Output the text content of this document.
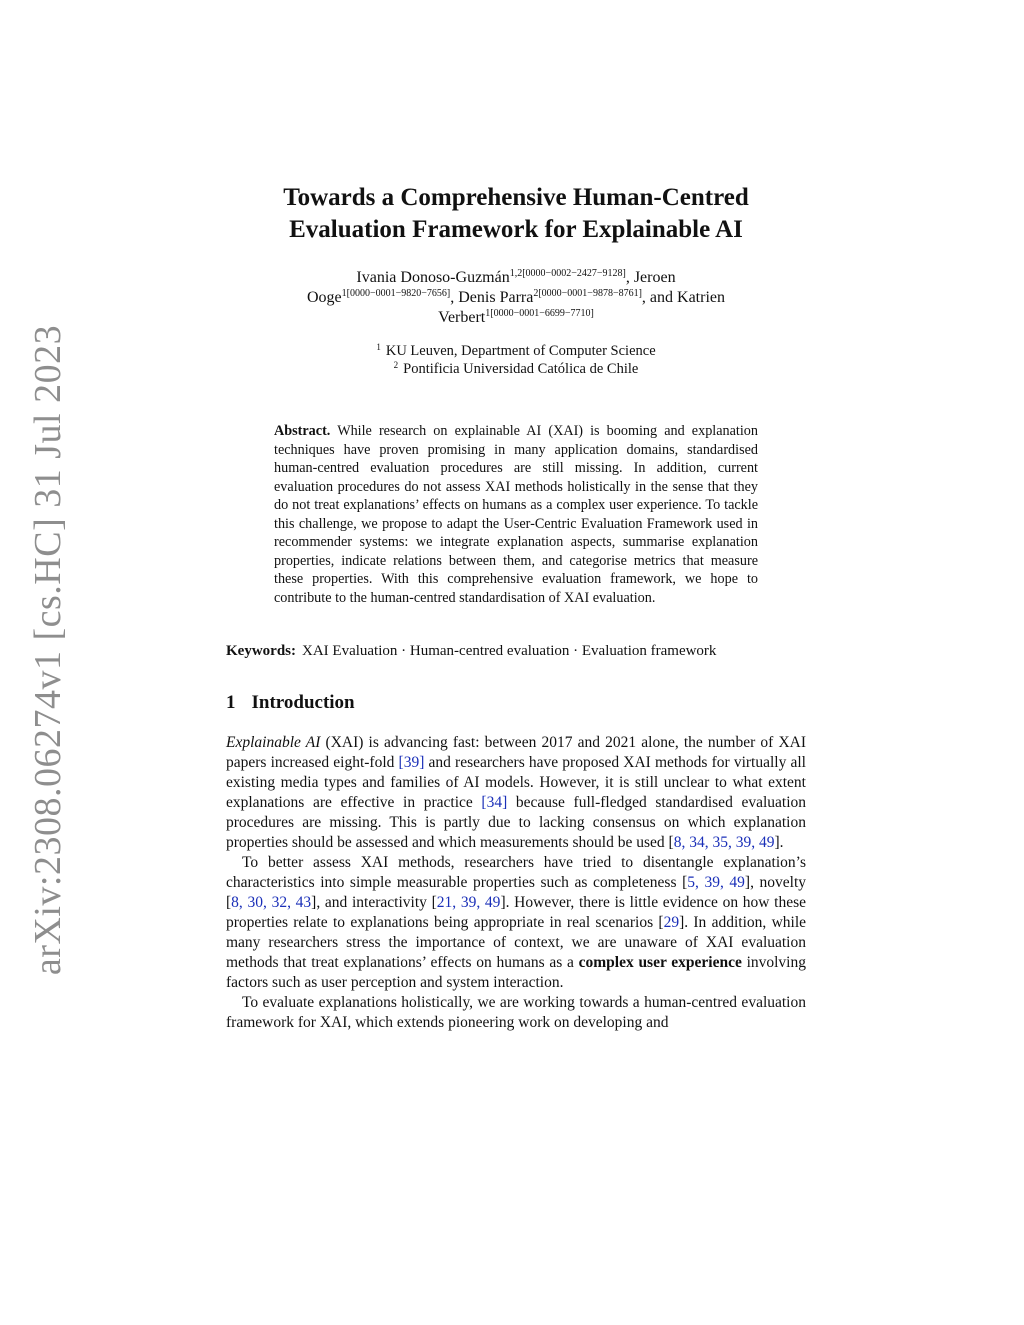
arXiv:2308.06274v1 [cs.HC] 31 Jul 2023
Towards a Comprehensive Human-Centred
Evaluation Framework for Explainable AI
Ivania Donoso-Guzmán$^{1,2[0000-0002-2427-9128]}$, Jeroen
Ooge$^{1[0000-0001-9820-7656]}$, Denis Parra$^{2[0000-0001-9878-8761]}$, and Katrien
Verbert$^{1[0000-0001-6699-7710]}$
$^1$ KU Leuven, Department of Computer Science
$^2$ Pontificia Universidad Católica de Chile
Abstract. While research on explainable AI (XAI) is booming and explanation techniques have proven promising in many application domains, standardised human-centred evaluation procedures are still missing. In addition, current evaluation procedures do not assess XAI methods holistically in the sense that they do not treat explanations’ effects on humans as a complex user experience. To tackle this challenge, we propose to adapt the User-Centric Evaluation Framework used in recommender systems: we integrate explanation aspects, summarise explanation properties, indicate relations between them, and categorise metrics that measure these properties. With this comprehensive evaluation framework, we hope to contribute to the human-centred standardisation of XAI evaluation.
Keywords: XAI Evaluation · Human-centred evaluation · Evaluation framework
1 Introduction

Explainable AI (XAI) is advancing fast: between 2017 and 2021 alone, the number of XAI papers increased eight-fold [39] and researchers have proposed XAI methods for virtually all existing media types and families of AI models. However, it is still unclear to what extent explanations are effective in practice [34] because full-fledged standardised evaluation procedures are missing. This is partly due to lacking consensus on which explanation properties should be assessed and which measurements should be used [8, 34, 35, 39, 49].

To better assess XAI methods, researchers have tried to disentangle explanation’s characteristics into simple measurable properties such as completeness [5, 39, 49], novelty [8, 30, 32, 43], and interactivity [21, 39, 49]. However, there is little evidence on how these properties relate to explanations being appropriate in real scenarios [29]. In addition, while many researchers stress the importance of context, we are unaware of XAI evaluation methods that treat explanations’ effects on humans as a complex user experience involving factors such as user perception and system interaction.

To evaluate explanations holistically, we are working towards a human-centred evaluation framework for XAI, which extends pioneering work on developing and
